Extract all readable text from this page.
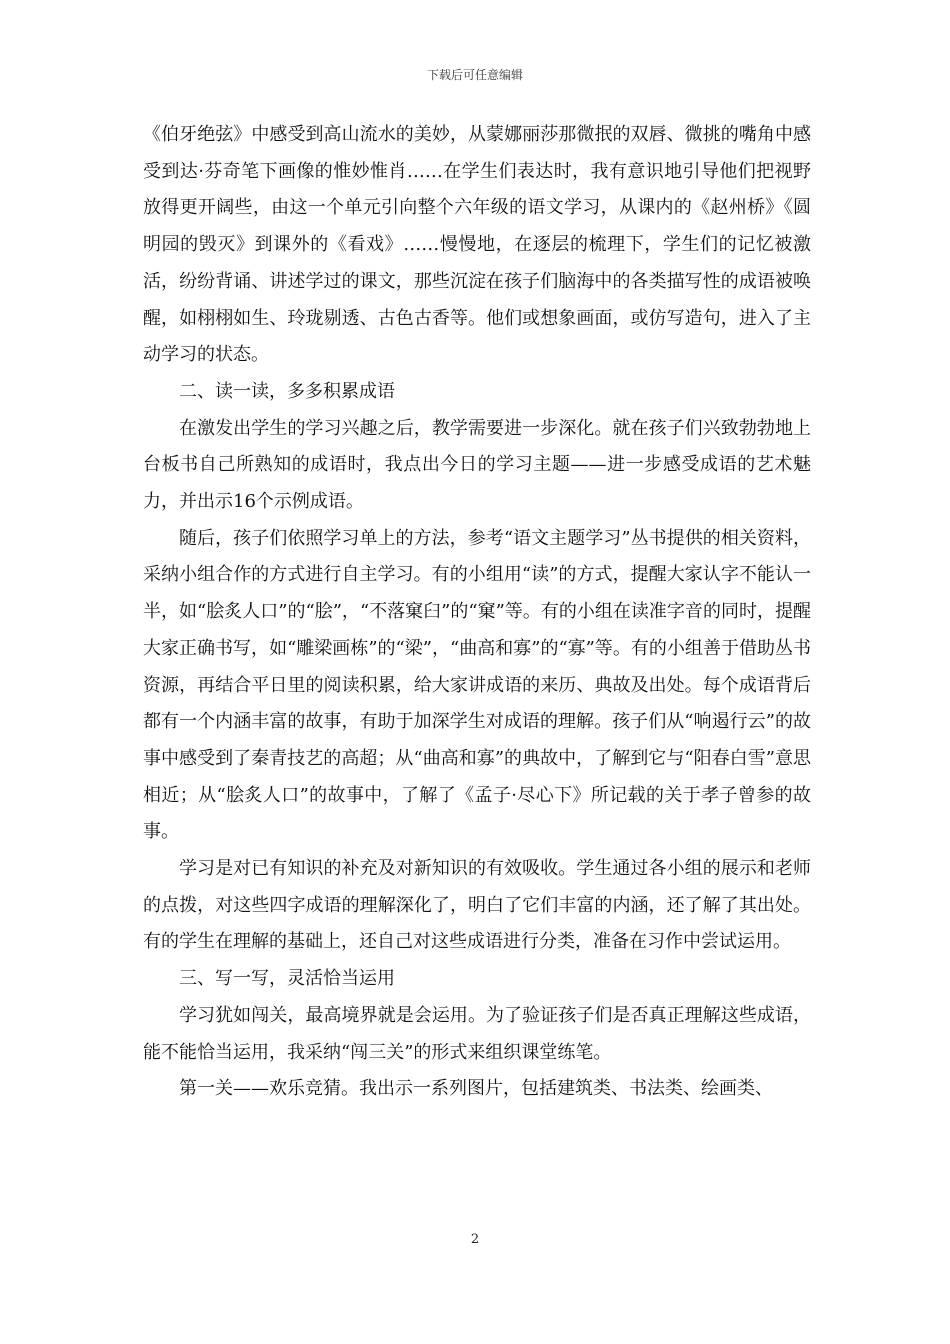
下载后可任意编辑

《伯牙绝弦》中感受到高山流水的美妙，从蒙娜丽莎那微抿的双唇、微挑的嘴角中感受到达·芬奇笔下画像的惟妙惟肖……在学生们表达时，我有意识地引导他们把视野放得更开阔些，由这一个单元引向整个六年级的语文学习，从课内的《赵州桥》《圆明园的毁灭》到课外的《看戏》……慢慢地，在逐层的梳理下，学生们的记忆被激活，纷纷背诵、讲述学过的课文，那些沉淀在孩子们脑海中的各类描写性的成语被唤醒，如栩栩如生、玲珑剔透、古色古香等。他们或想象画面，或仿写造句，进入了主动学习的状态。

二、读一读，多多积累成语

在激发出学生的学习兴趣之后，教学需要进一步深化。就在孩子们兴致勃勃地上台板书自己所熟知的成语时，我点出今日的学习主题——进一步感受成语的艺术魅力，并出示16个示例成语。

随后，孩子们依照学习单上的方法，参考“语文主题学习”丛书提供的相关资料，采纳小组合作的方式进行自主学习。有的小组用“读”的方式，提醒大家认字不能认一半，如“脍炙人口”的“脍”，“不落窠臼”的“窠”等。有的小组在读准字音的同时，提醒大家正确书写，如“雕梁画栋”的“梁”，“曲高和寡”的“寡”等。有的小组善于借助丛书资源，再结合平日里的阅读积累，给大家讲成语的来历、典故及出处。每个成语背后都有一个内涵丰富的故事，有助于加深学生对成语的理解。孩子们从“响遏行云”的故事中感受到了秦青技艺的高超；从“曲高和寡”的典故中，了解到它与“阳春白雪”意思相近；从“脍炙人口”的故事中，了解了《孟子·尽心下》所记载的关于孝子曾参的故事。

学习是对已有知识的补充及对新知识的有效吸收。学生通过各小组的展示和老师的点拨，对这些四字成语的理解深化了，明白了它们丰富的内涵，还了解了其出处。有的学生在理解的基础上，还自己对这些成语进行分类，准备在习作中尝试运用。

三、写一写，灵活恰当运用

学习犹如闯关，最高境界就是会运用。为了验证孩子们是否真正理解这些成语，能不能恰当运用，我采纳“闯三关”的形式来组织课堂练笔。

第一关——欢乐竞猜。我出示一系列图片，包括建筑类、书法类、绘画类、

2
